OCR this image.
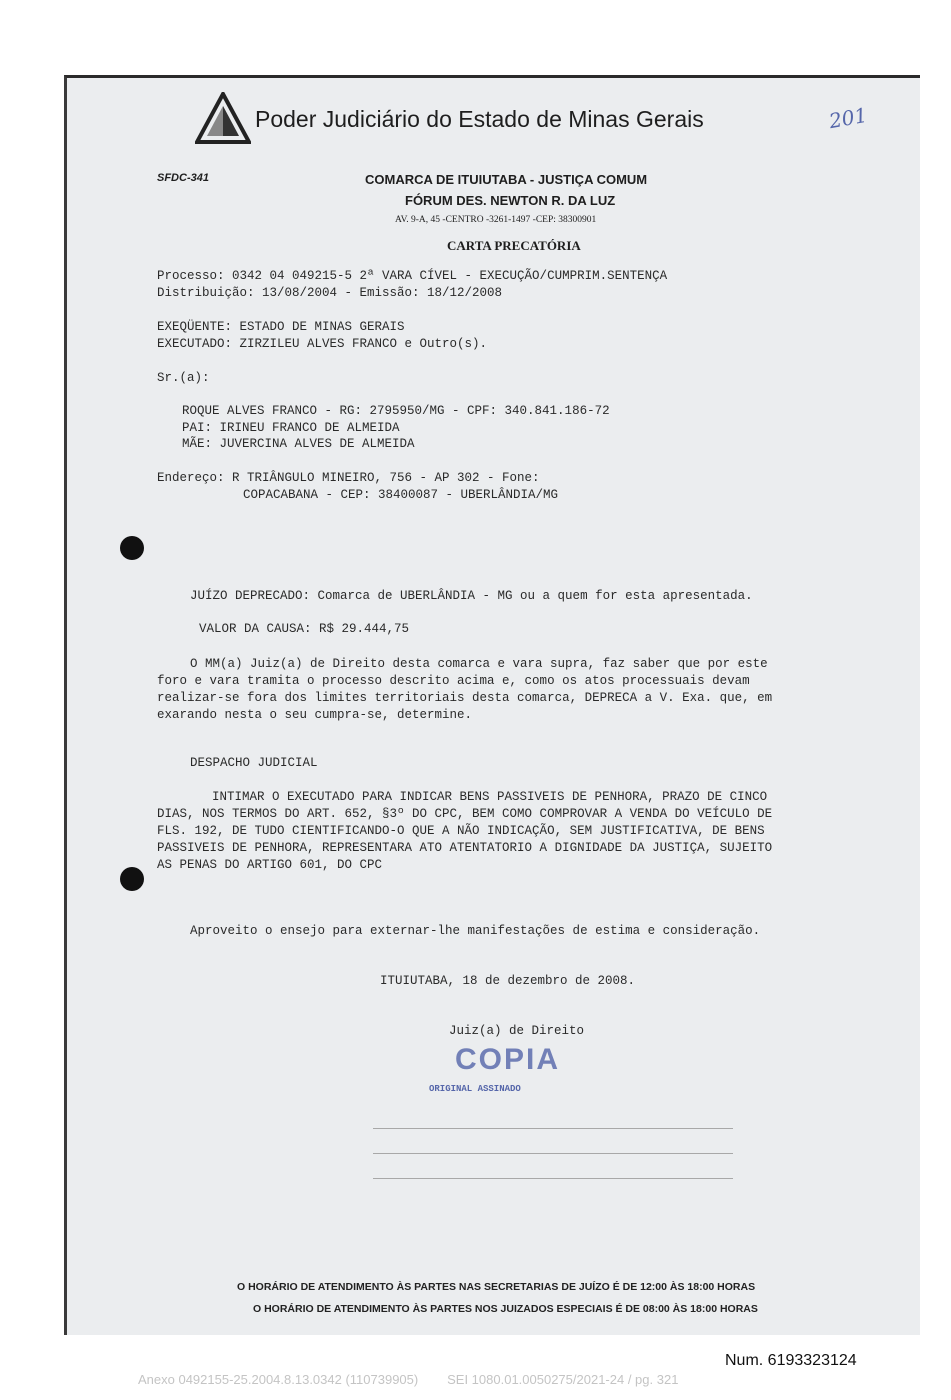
Poder Judiciário do Estado de Minas Gerais	201
SFDC-341	COMARCA DE ITUIUTABA - JUSTIÇA COMUM
FÓRUM DES. NEWTON R. DA LUZ
AV. 9-A, 45 -CENTRO -3261-1497 -CEP: 38300901
CARTA PRECATÓRIA
Processo: 0342 04 049215-5 2ª VARA CÍVEL - EXECUÇÃO/CUMPRIM.SENTENÇA
Distribuição: 13/08/2004 - Emissão: 18/12/2008
EXEQÜENTE: ESTADO DE MINAS GERAIS
EXECUTADO: ZIRZILEU ALVES FRANCO e Outro(s).
Sr.(a):
ROQUE ALVES FRANCO - RG: 2795950/MG - CPF: 340.841.186-72
PAI: IRINEU FRANCO DE ALMEIDA
MÃE: JUVERCINA ALVES DE ALMEIDA
Endereço: R TRIÂNGULO MINEIRO, 756 - AP 302 - Fone:
COPACABANA - CEP: 38400087 - UBERLÂNDIA/MG
JUÍZO DEPRECADO: Comarca de UBERLÂNDIA - MG ou a quem for esta apresentada.
VALOR DA CAUSA: R$ 29.444,75
O MM(a) Juiz(a) de Direito desta comarca e vara supra, faz saber que por este
foro e vara tramita o processo descrito acima e, como os atos processuais devam
realizar-se fora dos limites territoriais desta comarca, DEPRECA a V. Exa. que, em
exarando nesta o seu cumpra-se, determine.
DESPACHO JUDICIAL
INTIMAR O EXECUTADO PARA INDICAR BENS PASSIVEIS DE PENHORA, PRAZO DE CINCO
DIAS, NOS TERMOS DO ART. 652, §3º DO CPC, BEM COMO COMPROVAR A VENDA DO VEÍCULO DE
FLS. 192, DE TUDO CIENTIFICANDO-O QUE A NÃO INDICAÇÃO, SEM JUSTIFICATIVA, DE BENS
PASSIVEIS DE PENHORA, REPRESENTARA ATO ATENTATORIO A DIGNIDADE DA JUSTIÇA, SUJEITO
AS PENAS DO ARTIGO 601, DO CPC
Aproveito o ensejo para externar-lhe manifestações de estima e consideração.
ITUIUTABA, 18 de dezembro de 2008.
Juiz(a) de Direito
COPIA
ORIGINAL ASSINADO
O HORÁRIO DE ATENDIMENTO ÀS PARTES NAS SECRETARIAS DE JUÍZO É DE 12:00 ÀS 18:00 HORAS
O HORÁRIO DE ATENDIMENTO ÀS PARTES NOS JUIZADOS ESPECIAIS É DE 08:00 ÀS 18:00 HORAS
Num. 6193323124
Anexo 0492155-25.2004.8.13.0342 (110739905)        SEI 1080.01.0050275/2021-24 / pg. 321
